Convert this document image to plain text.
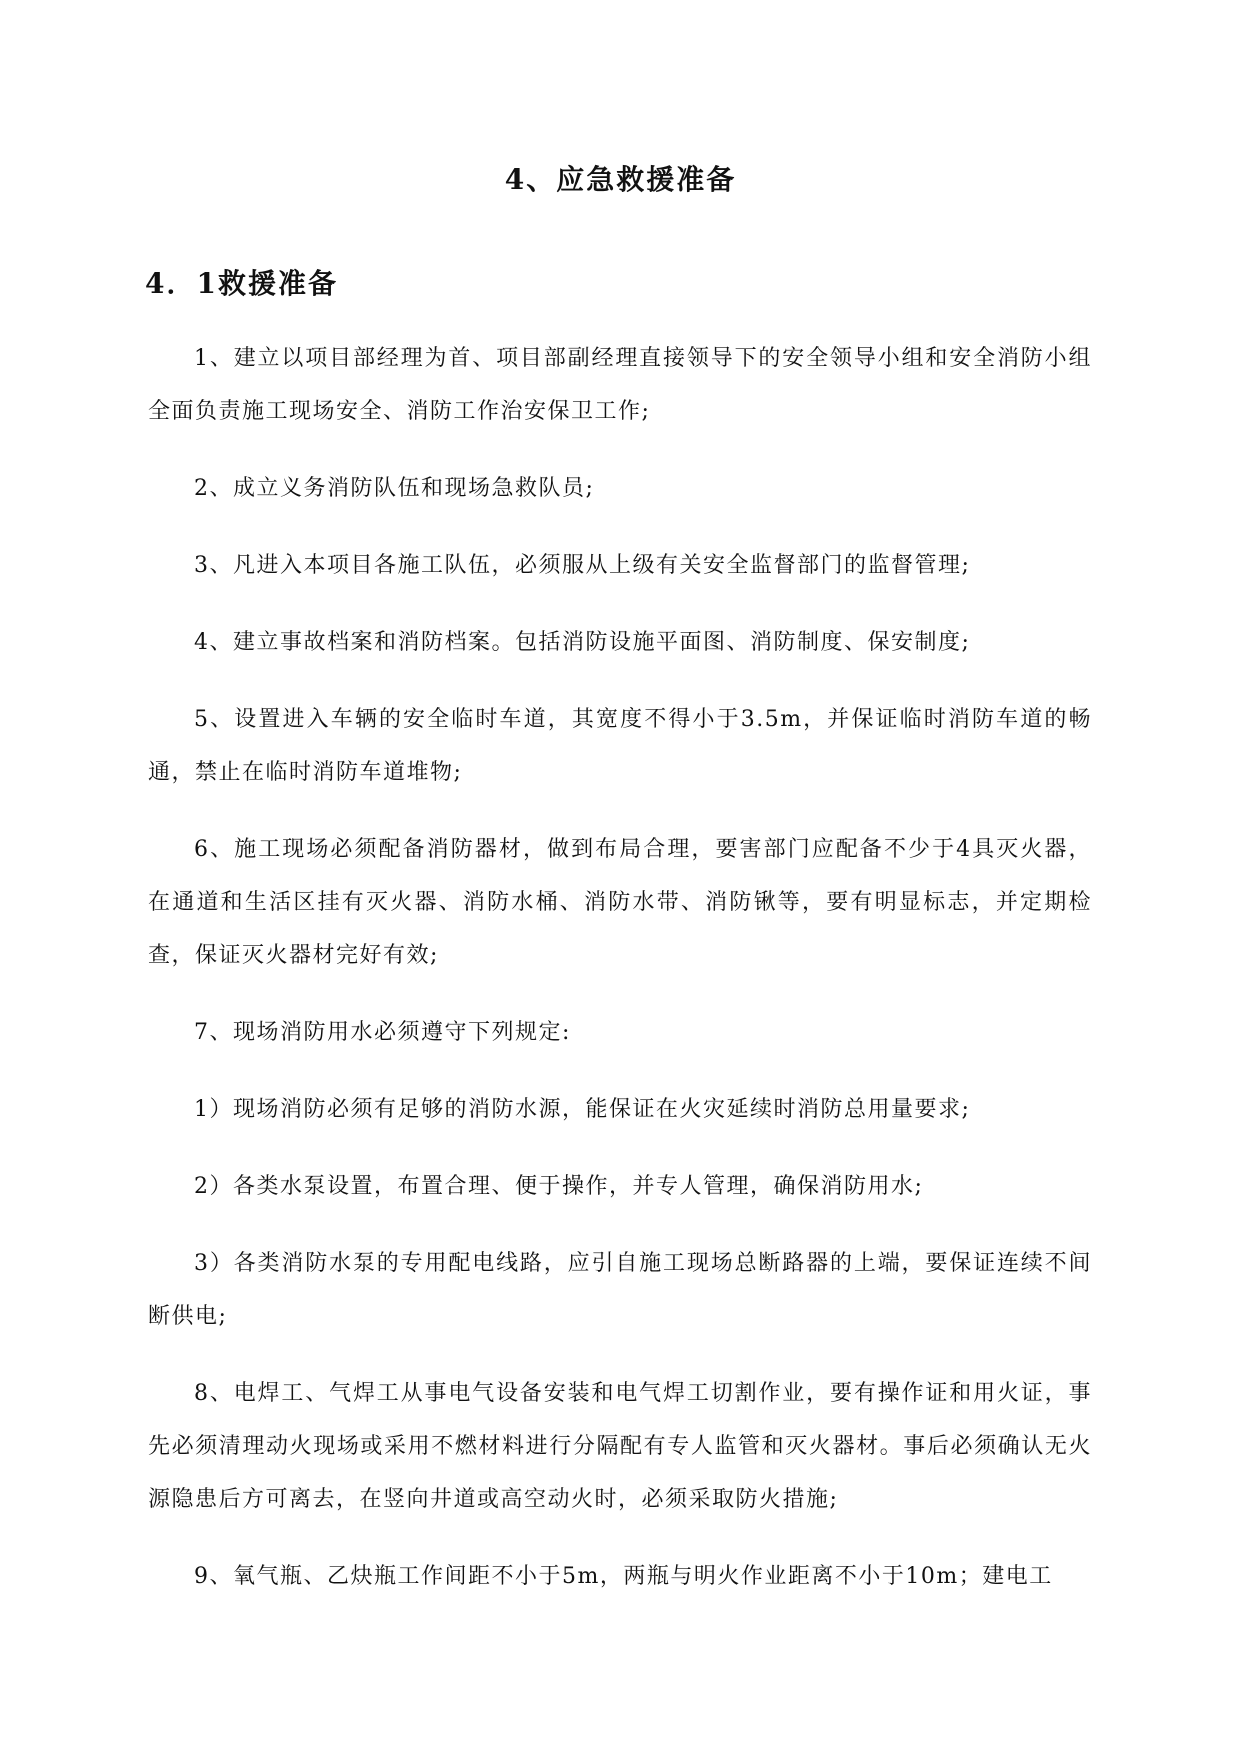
4、应急救援准备
4．1救援准备

1、建立以项目部经理为首、项目部副经理直接领导下的安全领导小组和安全消防小组全面负责施工现场安全、消防工作治安保卫工作;

2、成立义务消防队伍和现场急救队员;

3、凡进入本项目各施工队伍，必须服从上级有关安全监督部门的监督管理;

4、建立事故档案和消防档案。包括消防设施平面图、消防制度、保安制度;

5、设置进入车辆的安全临时车道，其宽度不得小于3.5m，并保证临时消防车道的畅通，禁止在临时消防车道堆物;

6、施工现场必须配备消防器材，做到布局合理，要害部门应配备不少于4具灭火器，在通道和生活区挂有灭火器、消防水桶、消防水带、消防锹等，要有明显标志，并定期检查，保证灭火器材完好有效;

7、现场消防用水必须遵守下列规定:

1）现场消防必须有足够的消防水源，能保证在火灾延续时消防总用量要求;

2）各类水泵设置，布置合理、便于操作，并专人管理，确保消防用水;

3）各类消防水泵的专用配电线路，应引自施工现场总断路器的上端，要保证连续不间断供电;

8、电焊工、气焊工从事电气设备安装和电气焊工切割作业，要有操作证和用火证，事先必须清理动火现场或采用不燃材料进行分隔配有专人监管和灭火器材。事后必须确认无火源隐患后方可离去，在竖向井道或高空动火时，必须采取防火措施;

9、氧气瓶、乙炔瓶工作间距不小于5m，两瓶与明火作业距离不小于10m；建电工
